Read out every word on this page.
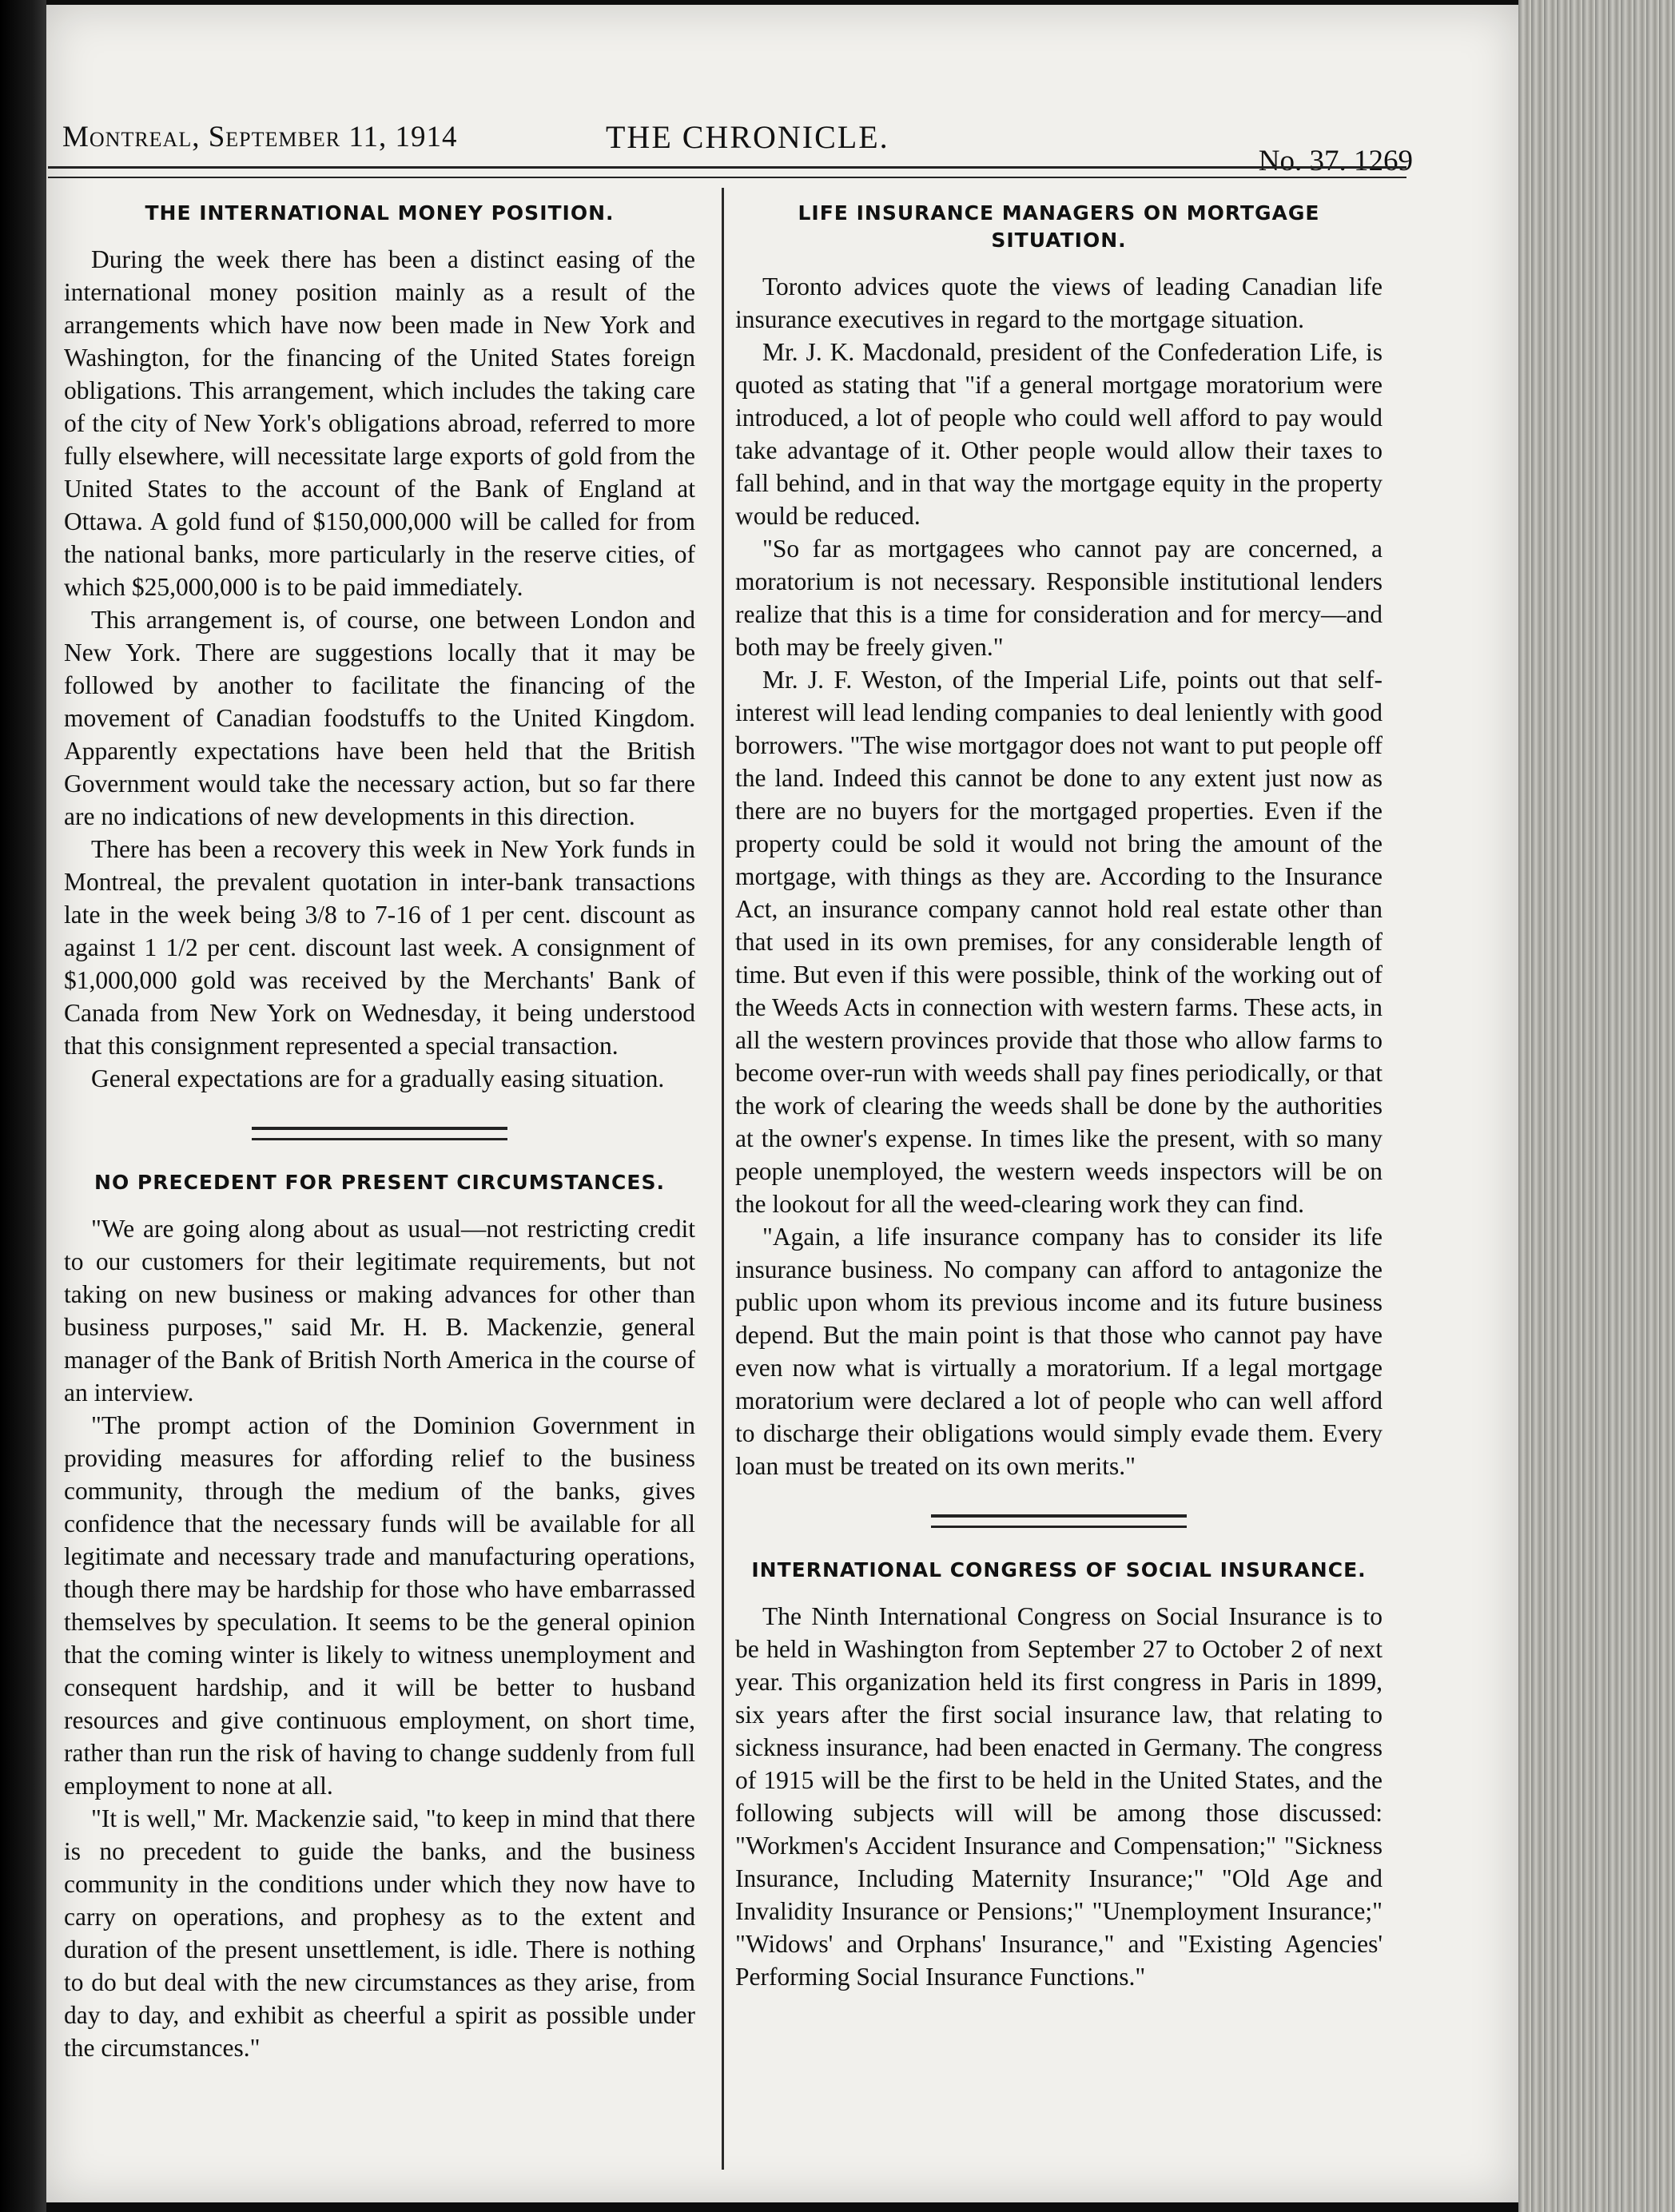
Montreal, September 11, 1914	THE CHRONICLE.
No. 37. 1269
THE INTERNATIONAL MONEY POSITION.

During the week there has been a distinct easing of the international money position mainly as a result of the arrangements which have now been made in New York and Washington, for the financing of the United States foreign obligations. This arrangement, which includes the taking care of the city of New York's obligations abroad, referred to more fully elsewhere, will necessitate large exports of gold from the United States to the account of the Bank of England at Ottawa. A gold fund of $150,000,000 will be called for from the national banks, more particularly in the reserve cities, of which $25,000,000 is to be paid immediately.

This arrangement is, of course, one between London and New York. There are suggestions locally that it may be followed by another to facilitate the financing of the movement of Canadian foodstuffs to the United Kingdom. Apparently expectations have been held that the British Government would take the necessary action, but so far there are no indications of new developments in this direction.

There has been a recovery this week in New York funds in Montreal, the prevalent quotation in inter-bank transactions late in the week being 3/8 to 7-16 of 1 per cent. discount as against 1 1/2 per cent. discount last week. A consignment of $1,000,000 gold was received by the Merchants' Bank of Canada from New York on Wednesday, it being understood that this consignment represented a special transaction.

General expectations are for a gradually easing situation.

NO PRECEDENT FOR PRESENT CIRCUMSTANCES.

"We are going along about as usual—not restricting credit to our customers for their legitimate requirements, but not taking on new business or making advances for other than business purposes," said Mr. H. B. Mackenzie, general manager of the Bank of British North America in the course of an interview.

"The prompt action of the Dominion Government in providing measures for affording relief to the business community, through the medium of the banks, gives confidence that the necessary funds will be available for all legitimate and necessary trade and manufacturing operations, though there may be hardship for those who have embarrassed themselves by speculation. It seems to be the general opinion that the coming winter is likely to witness unemployment and consequent hardship, and it will be better to husband resources and give continuous employment, on short time, rather than run the risk of having to change suddenly from full employment to none at all.

"It is well," Mr. Mackenzie said, "to keep in mind that there is no precedent to guide the banks, and the business community in the conditions under which they now have to carry on operations, and prophesy as to the extent and duration of the present unsettlement, is idle. There is nothing to do but deal with the new circumstances as they arise, from day to day, and exhibit as cheerful a spirit as possible under the circumstances."

LIFE INSURANCE MANAGERS ON MORTGAGE SITUATION.

Toronto advices quote the views of leading Canadian life insurance executives in regard to the mortgage situation.

Mr. J. K. Macdonald, president of the Confederation Life, is quoted as stating that "if a general mortgage moratorium were introduced, a lot of people who could well afford to pay would take advantage of it. Other people would allow their taxes to fall behind, and in that way the mortgage equity in the property would be reduced.

"So far as mortgagees who cannot pay are concerned, a moratorium is not necessary. Responsible institutional lenders realize that this is a time for consideration and for mercy—and both may be freely given."

Mr. J. F. Weston, of the Imperial Life, points out that self-interest will lead lending companies to deal leniently with good borrowers. "The wise mortgagor does not want to put people off the land. Indeed this cannot be done to any extent just now as there are no buyers for the mortgaged properties. Even if the property could be sold it would not bring the amount of the mortgage, with things as they are. According to the Insurance Act, an insurance company cannot hold real estate other than that used in its own premises, for any considerable length of time. But even if this were possible, think of the working out of the Weeds Acts in connection with western farms. These acts, in all the western provinces provide that those who allow farms to become over-run with weeds shall pay fines periodically, or that the work of clearing the weeds shall be done by the authorities at the owner's expense. In times like the present, with so many people unemployed, the western weeds inspectors will be on the lookout for all the weed-clearing work they can find.

"Again, a life insurance company has to consider its life insurance business. No company can afford to antagonize the public upon whom its previous income and its future business depend. But the main point is that those who cannot pay have even now what is virtually a moratorium. If a legal mortgage moratorium were declared a lot of people who can well afford to discharge their obligations would simply evade them. Every loan must be treated on its own merits."

INTERNATIONAL CONGRESS OF SOCIAL INSURANCE.

The Ninth International Congress on Social Insurance is to be held in Washington from September 27 to October 2 of next year. This organization held its first congress in Paris in 1899, six years after the first social insurance law, that relating to sickness insurance, had been enacted in Germany. The congress of 1915 will be the first to be held in the United States, and the following subjects will will be among those discussed: "Workmen's Accident Insurance and Compensation;" "Sickness Insurance, Including Maternity Insurance;" "Old Age and Invalidity Insurance or Pensions;" "Unemployment Insurance;" "Widows' and Orphans' Insurance," and "Existing Agencies' Performing Social Insurance Functions."
